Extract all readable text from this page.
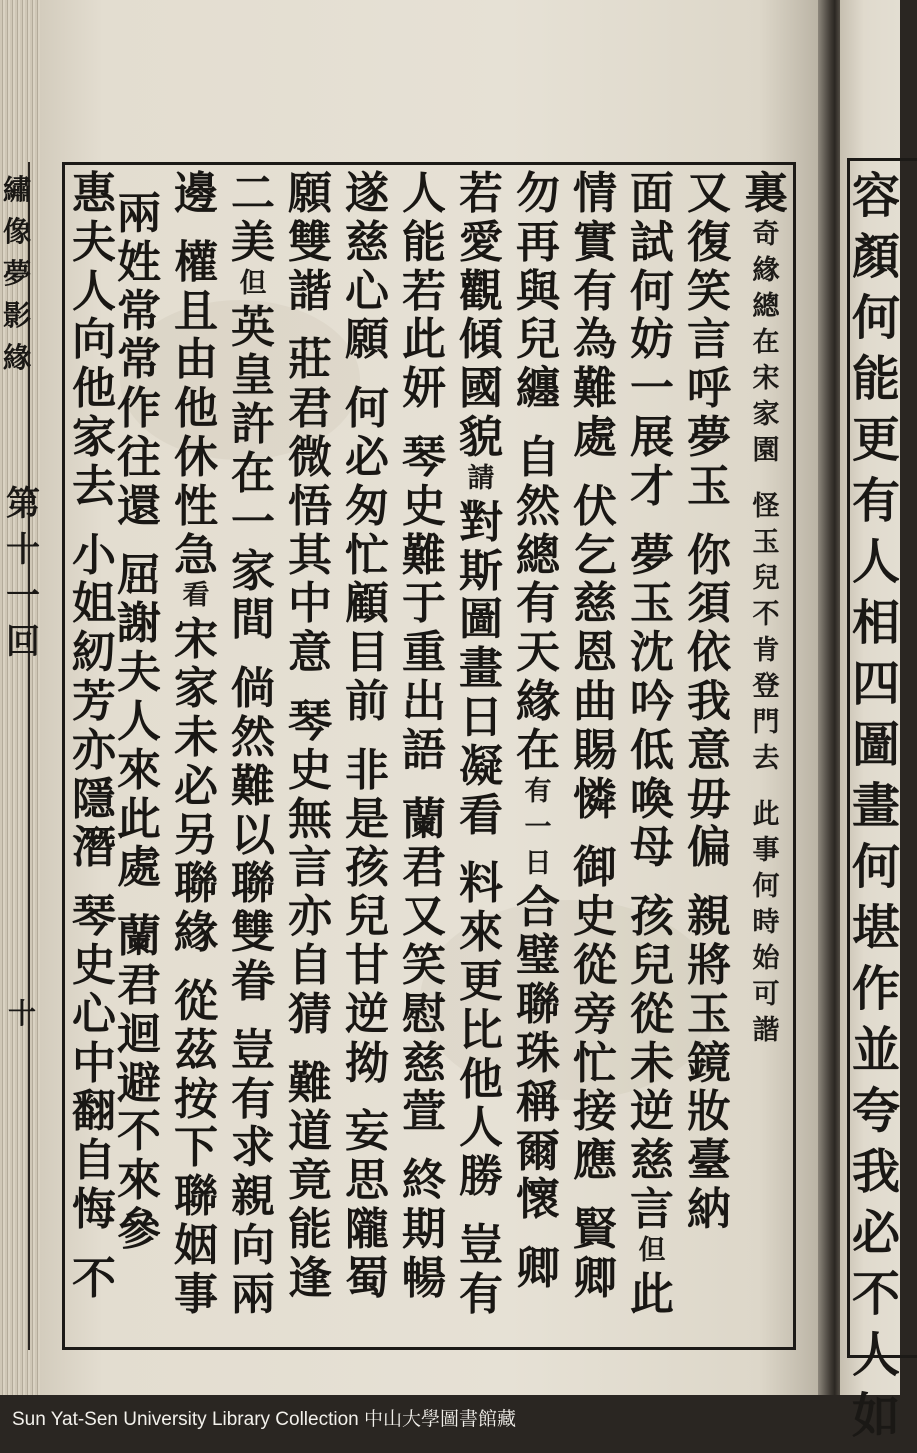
繡
像
夢
影
緣
第
十
一
回
十
裏
奇
緣
總
在
宋
家
園
怪
玉
兒
不
肯
登
門
去
此
事
何
時
始
可
諧
又
復
笑
言
呼
夢
玉
你
須
依
我
意
毋
偏
親
將
玉
鏡
妝
臺
納
面
試
何
妨
一
展
才
夢
玉
沈
吟
低
喚
母
孩
兒
從
未
逆
慈
言
但
此
情
實
有
為
難
處
伏
乞
慈
恩
曲
賜
憐
御
史
從
旁
忙
接
應
賢
卿
勿
再
與
兒
纏
自
然
總
有
天
緣
在
有
一
日
合
璧
聯
珠
稱
爾
懷
卿
若
愛
觀
傾
國
貌
請
對
斯
圖
畫
日
凝
看
料
來
更
比
他
人
勝
豈
有
人
能
若
此
妍
琴
史
難
于
重
出
語
蘭
君
又
笑
慰
慈
萱
終
期
暢
遂
慈
心
願
何
必
匆
忙
顧
目
前
非
是
孩
兒
甘
逆
拗
妄
思
隴
蜀
願
雙
諧
莊
君
微
悟
其
中
意
琴
史
無
言
亦
自
猜
難
道
竟
能
逢
二
美
但
英
皇
許
在
一
家
間
倘
然
難
以
聯
雙
眷
豈
有
求
親
向
兩
邊
權
且
由
他
休
性
急
看
宋
家
未
必
另
聯
緣
從
茲
按
下
聯
姻
事
兩
姓
常
常
作
往
還
屈
謝
夫
人
來
此
處
蘭
君
迴
避
不
來
參
惠
夫
人
向
他
家
去
小
姐
紉
芳
亦
隱
潛
琴
史
心
中
翻
自
悔
不
容
顏
何
能
更
有
人
相
四
圖
畫
何
堪
作
並
夸
我
必
不
人
如
Sun Yat-Sen University Library Collection 中山大學圖書館藏
